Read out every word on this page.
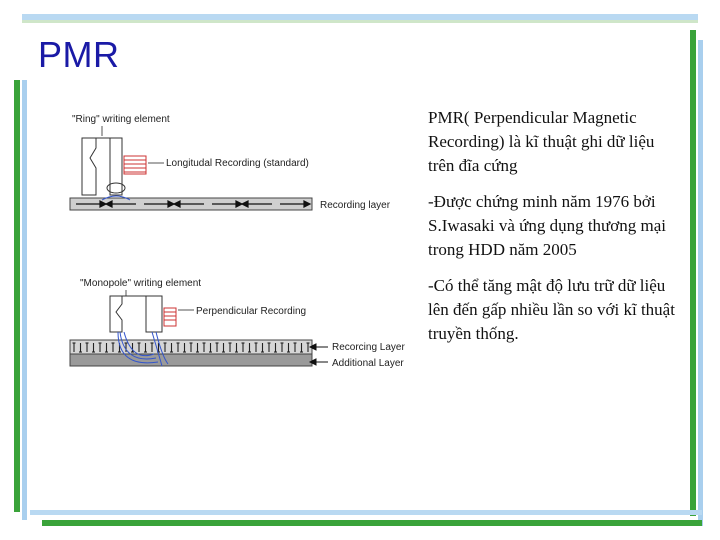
PMR
"Ring" writing element
Longitudal Recording (standard)
Recording layer
"Monopole" writing element
Perpendicular Recording
Recorcing Layer
Additional Layer

PMR( Perpendicular Magnetic Recording) là kĩ thuật ghi dữ liệu trên đĩa cứng

-Được chứng minh năm 1976 bởi S.Iwasaki và ứng dụng thương mại trong HDD năm 2005

-Có thể tăng mật độ lưu trữ dữ liệu lên đến gấp nhiều lần so với kĩ thuật truyền thống.
